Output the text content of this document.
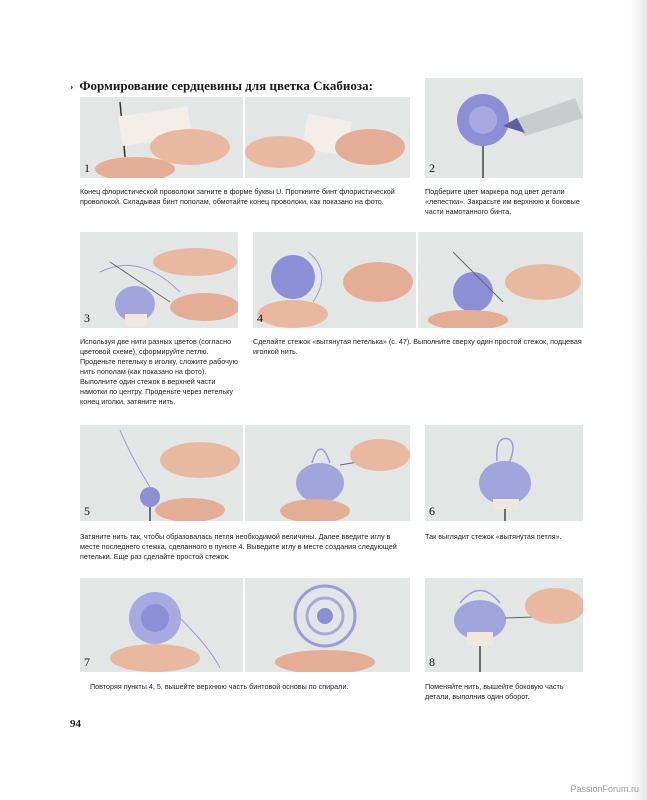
› Формирование сердцевины для цветка Скабиоза:
1	2
Конец флористической проволоки загните в форме буквы U. Проткните бинт флористической проволокой. Складывая бинт пополам, обмотайте конец проволоки, как показано на фото.
Подберите цвет маркера под цвет детали «лепестки». Закрасьте им верхнюю и боковые части намотанного бинта.
3	4
Используя две нити разных цветов (согласно цветовой схеме), сформируйте петлю. Проденьте петельку в иголку, сложите рабочую нить пополам (как показано на фото). Выполните один стежок в верхней части намотки по центру. Проденьте через петельку конец иголки, затяните нить.
Сделайте стежок «вытянутая петелька» (с. 47). Выполните сверху один простой стежок, подцевая иголкой нить.
5	6
Затяните нить так, чтобы образовалась петля необходимой величины. Далее введите иглу в месте последнего стежка, сделанного в пункте 4. Выведите иглу в месте создания следующей петельки. Еще раз сделайте простой стежок.
Так выглядит стежок «вытянутая петля».
7	8
Повторяя пункты 4, 5, вышейте верхнюю часть бинтовой основы по спирали.	Поменяйте нить, вышейте боковую часть детали, выполнив один оборот.
94
PassionForum.ru
